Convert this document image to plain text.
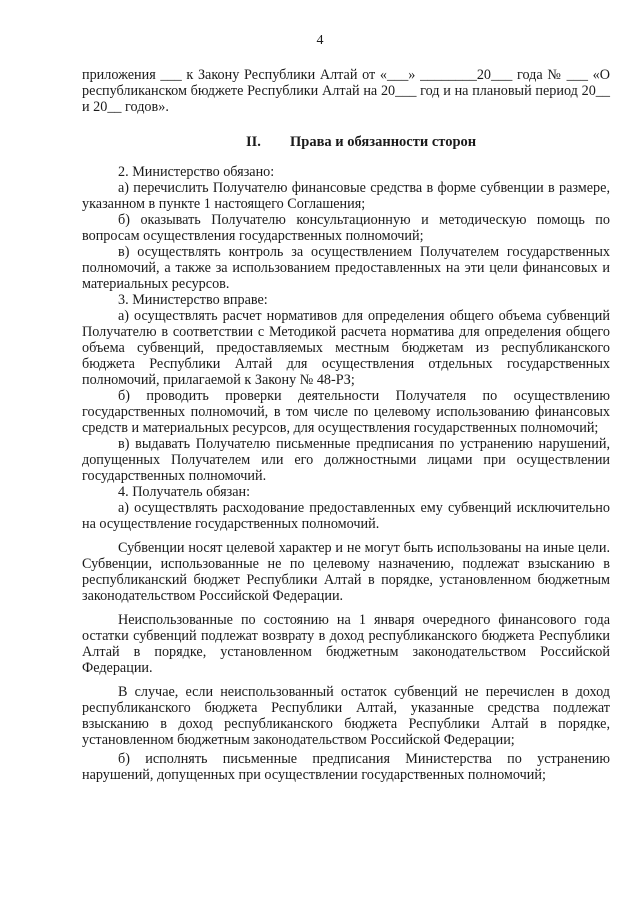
4

приложения ___ к Закону Республики Алтай от «___» ________20___ года № ___ «О республиканском бюджете Республики Алтай на 20___ год и на плановый период 20__ и 20__ годов».

II. Права и обязанности сторон

2. Министерство обязано:

а) перечислить Получателю финансовые средства в форме субвенции в размере, указанном в пункте 1 настоящего Соглашения;

б) оказывать Получателю консультационную и методическую помощь по вопросам осуществления государственных полномочий;

в) осуществлять контроль за осуществлением Получателем государственных полномочий, а также за использованием предоставленных на эти цели финансовых и материальных ресурсов.

3. Министерство вправе:

а) осуществлять расчет нормативов для определения общего объема субвенций Получателю в соответствии с Методикой расчета норматива для определения общего объема субвенций, предоставляемых местным бюджетам из республиканского бюджета Республики Алтай для осуществления отдельных государственных полномочий, прилагаемой к Закону № 48-РЗ;

б) проводить проверки деятельности Получателя по осуществлению государственных полномочий, в том числе по целевому использованию финансовых средств и материальных ресурсов, для осуществления государственных полномочий;

в) выдавать Получателю письменные предписания по устранению нарушений, допущенных Получателем или его должностными лицами при осуществлении государственных полномочий.

4. Получатель обязан:

а) осуществлять расходование предоставленных ему субвенций исключительно на осуществление государственных полномочий.

Субвенции носят целевой характер и не могут быть использованы на иные цели. Субвенции, использованные не по целевому назначению, подлежат взысканию в республиканский бюджет Республики Алтай в порядке, установленном бюджетным законодательством Российской Федерации.

Неиспользованные по состоянию на 1 января очередного финансового года остатки субвенций подлежат возврату в доход республиканского бюджета Республики Алтай в порядке, установленном бюджетным законодательством Российской Федерации.

В случае, если неиспользованный остаток субвенций не перечислен в доход республиканского бюджета Республики Алтай, указанные средства подлежат взысканию в доход республиканского бюджета Республики Алтай в порядке, установленном бюджетным законодательством Российской Федерации;

б) исполнять письменные предписания Министерства по устранению нарушений, допущенных при осуществлении государственных полномочий;
